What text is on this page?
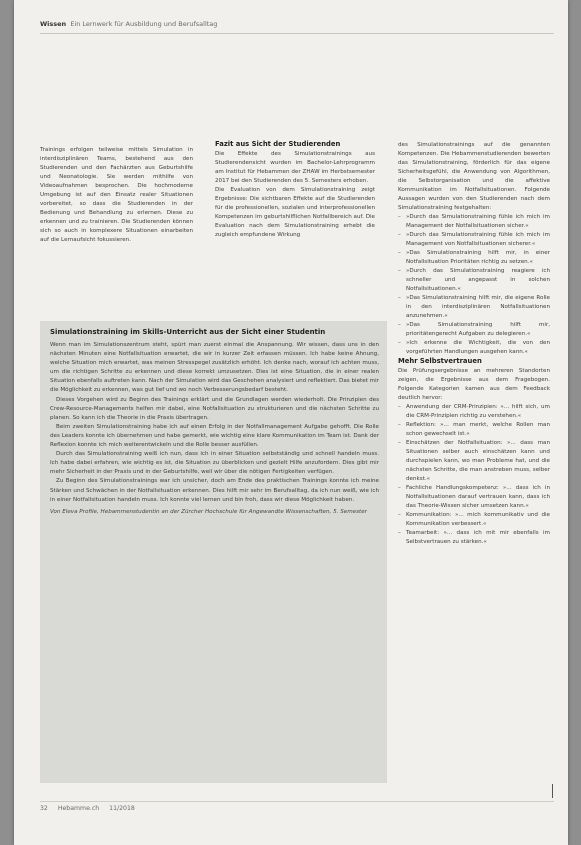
Wissen Ein Lernwerk für Ausbildung und Berufsalltag

Trainings erfolgen teilweise mittels Simulation in interdisziplinären Teams, bestehend aus den Studierenden und den Fachärzten aus Geburtshilfe und Neonatologie. Sie werden mithilfe von Videoaufnahmen besprochen. Die hochmoderne Umgebung ist auf den Einsatz realer Situationen vorbereitet, so dass die Studierenden in der Bedienung und Behandlung zu erlernen. Diese zu erkennen und zu trainieren. Die Studierenden können sich so auch in komplexere Situationen einarbeiten auf die Lernaufsicht fokussieren.

Fazit aus Sicht der Studierenden

Die Effekte des Simulationstrainings aus Studierendensicht wurden im Bachelor-Lehrprogramm am Institut für Hebammen der ZHAW im Herbstsemester 2017 bei den Studierenden des 5. Semesters erhoben.

Die Evaluation von dem Simulationstraining zeigt Ergebnisse: Die sichtbaren Effekte auf die Studierenden für die professionellen, sozialen und interprofessionellen Kompetenzen im geburtshilflichen Notfallbereich auf. Die Evaluation nach dem Simulationstraining erhebt die zugleich empfundene Wirkung

des Simulationstrainings auf die genannten Kompetenzen. Die Hebammenstudierenden bewerten das Simulationstraining, förderlich für das eigene Sicherheitsgefühl, die Anwendung von Algorithmen, die Selbstorganisation und die affektive Kommunikation im Notfallsituationen. Folgende Aussagen wurden von den Studierenden nach dem Simulationstraining festgehalten:

– »Durch das Simulationstraining fühle ich mich im Management der Notfallsituationen sicher.«
– »Durch das Simulationstraining fühle ich mich im Management von Notfallsituationen sicherer.«
– »Das Simulationstraining hilft mir, in einer Notfallsituation Prioritäten richtig zu setzen.«
– »Durch das Simulationstraining reagiere ich schneller und angepasst in solchen Notfallsituationen.«
– »Das Simulationstraining hilft mir, die eigene Rolle in den interdisziplinären Notfallsituationen anzunehmen.«
– »Das Simulationstraining hilft mir, prioritätengerecht Aufgaben zu delegieren.«
– »Ich erkenne die Wichtigkeit, die von den vorgeführten Handlungen ausgehen kann.«
Mehr Selbstvertrauen

Die Prüfungsergebnisse an mehreren Standorten zeigen, die Ergebnisse aus dem Fragebogen. Folgende Kategorien kamen aus dem Feedback deutlich hervor:

– Anwendung der CRM-Prinzipien: »... hilft sich, um die CRM-Prinzipien richtig zu verstehen.«
– Reflektion: »... man merkt, welche Rollen man schon gewechselt ist.«
– Einschätzen der Notfallsituation: »... dass man Situationen selber auch einschätzen kann und durchspielen kann, wo man Probleme hat, und die nächsten Schritte, die man anstreben muss, selber denkst.«
– Fachliche Handlungskompetenz: »... dass ich in Notfallsituationen darauf vertrauen kann, dass ich das Theorie-Wissen sicher umsetzen kann.«
– Kommunikation: »... mich kommunikativ und die Kommunikation verbessert.«
– Teamarbeit: »... dass ich mit mir ebenfalls im Selbstvertrauen zu stärken.«
Simulationstraining im Skills-Unterricht aus der Sicht einer Studentin

Wenn man im Simulationszentrum steht, spürt man zuerst einmal die Anspannung. Wir wissen, dass uns in den nächsten Minuten eine Notfallsituation erwartet, die wir in kurzer Zeit erfassen müssen. Ich habe keine Ahnung, welche Situation mich erwartet, was meinen Stresspegel zusätzlich erhöht. Ich denke nach, worauf ich achten muss, um die richtigen Schritte zu erkennen und diese korrekt umzusetzen. Dies ist eine Situation, die in einer realen Situation ebenfalls auftreten kann. Nach der Simulation wird das Geschehen analysiert und reflektiert. Das bietet mir die Möglichkeit zu erkennen, was gut lief und wo noch Verbesserungsbedarf besteht.

Dieses Vorgehen wird zu Beginn des Trainings erklärt und die Grundlagen werden wiederholt. Die Prinzipien des Crew-Resource-Managements helfen mir dabei, eine Notfallsituation zu strukturieren und die nächsten Schritte zu planen. So kann ich die Theorie in die Praxis übertragen.

Beim zweiten Simulationstraining habe ich auf einen Erfolg in der Notfallmanagement Aufgabe gehofft. Die Rolle des Leaders konnte ich übernehmen und habe gemerkt, wie wichtig eine klare Kommunikation im Team ist. Dank der Reflexion konnte ich mich weiterentwickeln und die Rolle besser ausfüllen.

Durch das Simulationstraining weiß ich nun, dass ich in einer Situation selbstständig und schnell handeln muss. Ich habe dabei erfahren, wie wichtig es ist, die Situation zu überblicken und gezielt Hilfe anzufordern. Dies gibt mir mehr Sicherheit in der Praxis und in der Geburtshilfe, weil wir über die nötigen Fertigkeiten verfügen.

Zu Beginn des Simulationstrainings war ich unsicher, doch am Ende des praktischen Trainings konnte ich meine Stärken und Schwächen in der Notfallsituation erkennen. Dies hilft mir sehr im Berufsalltag, da ich nun weiß, wie ich in einer Notfallsituation handeln muss. Ich konnte viel lernen und bin froh, dass wir diese Möglichkeit haben.

Von Eleva Profile, Hebammenstudentin an der Zürcher Hochschule für Angewandte Wissenschaften, 5. Semester

32 Hebamme.ch 11/2018
